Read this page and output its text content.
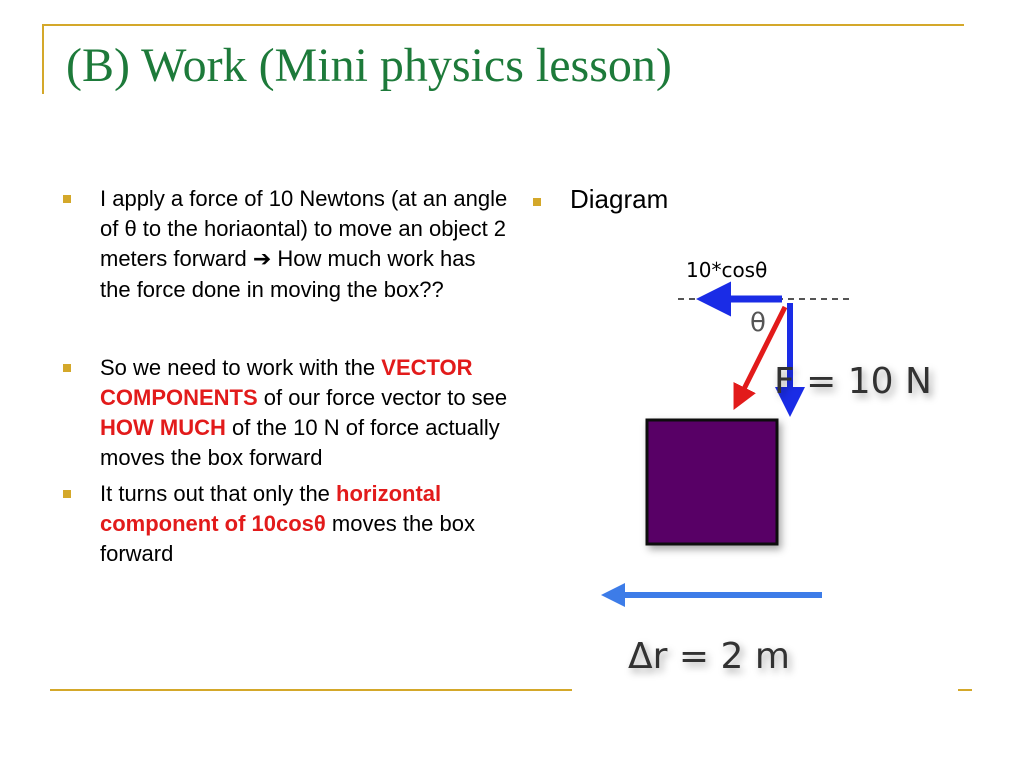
(B) Work (Mini physics lesson)
I apply a force of 10 Newtons (at an angle of θ to the horiaontal) to move an object 2 meters forward ➔ How much work has the force done in moving the box??
So we need to work with the VECTOR COMPONENTS of our force vector to see HOW MUCH of the 10 N of force actually moves the box forward
It turns out that only the horizontal component of 10cosθ moves the box forward
Diagram
10*cosθ
θ
F = 10 N
Δr = 2 m
